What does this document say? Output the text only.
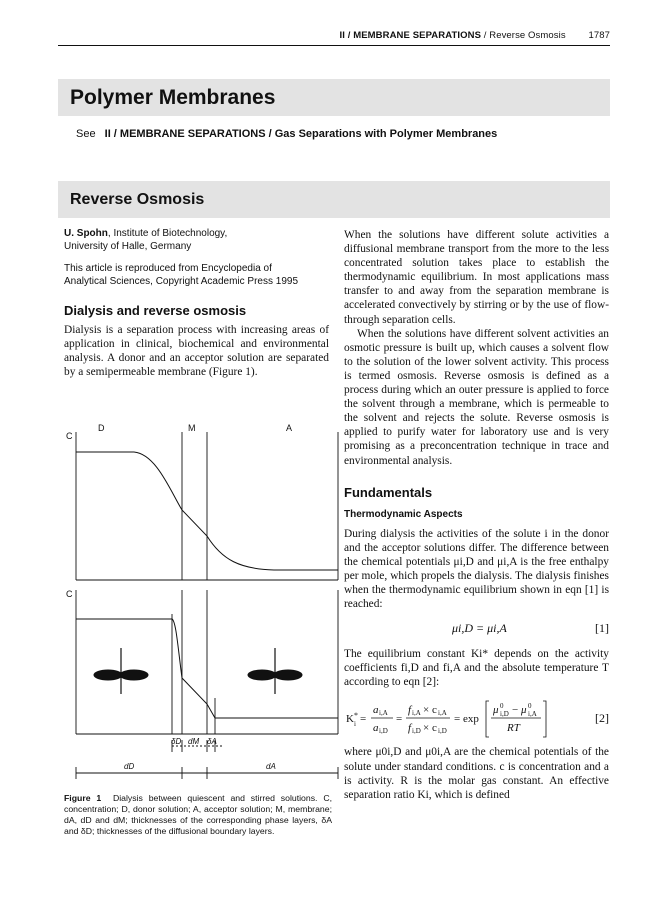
II / MEMBRANE SEPARATIONS / Reverse Osmosis 1787
Polymer Membranes
See II / MEMBRANE SEPARATIONS / Gas Separations with Polymer Membranes
Reverse Osmosis
U. Spohn, Institute of Biotechnology,
University of Halle, Germany
This article is reproduced from Encyclopedia of
Analytical Sciences, Copyright Academic Press 1995
Dialysis and reverse osmosis

Dialysis is a separation process with increasing areas of application in clinical, biochemical and environmental analysis. A donor and an acceptor solution are separated by a semipermeable membrane (Figure 1).

C
D	M	A
C
δD dM δA
dD	dA
Figure 1 Dialysis between quiescent and stirred solutions. C, concentration; D, donor solution; A, acceptor solution; M, membrane; dA, dD and dM; thicknesses of the corresponding phase layers, δA and δD; thicknesses of the diffusional boundary layers.

When the solutions have different solute activities a diffusional membrane transport from the more to the less concentrated solution takes place to establish the thermodynamic equilibrium. In most applications mass transfer to and away from the separation membrane is accelerated convectively by stirring or by the use of flow-through separation cells.

When the solutions have different solvent activities an osmotic pressure is built up, which causes a solvent flow to the solution of the lower solvent activity. This process is termed osmosis. Reverse osmosis is defined as a process during which an outer pressure is applied to force the solvent through a membrane, which is permeable to the solvent and rejects the solute. Reverse osmosis is applied to purify water for laboratory use and is very promising as a preconcentration technique in trace and environmental analysis.

Fundamentals
Thermodynamic Aspects

During dialysis the activities of the solute i in the donor and the acceptor solutions differ. The difference between the chemical potentials μi,D and μi,A is the free enthalpy per mole, which propels the dialysis. The dialysis finishes when the thermodynamic equilibrium shown in eqn [1] is reached:

μi,D = μi,A	[1]

The equilibrium constant Ki* depends on the activity coefficients fi,D and fi,A and the absolute temperature T according to eqn [2]:

K *
i =
a i,A
a i,D
=
f i,A × c i,A
f i,D × c i,D
= exp
μ 0
i,D − μ 0
i,A
RT
[2]

where μ0i,D and μ0i,A are the chemical potentials of the solute under standard conditions. c is concentration and a is activity. R is the molar gas constant. An effective separation ratio Ki, which is defined
